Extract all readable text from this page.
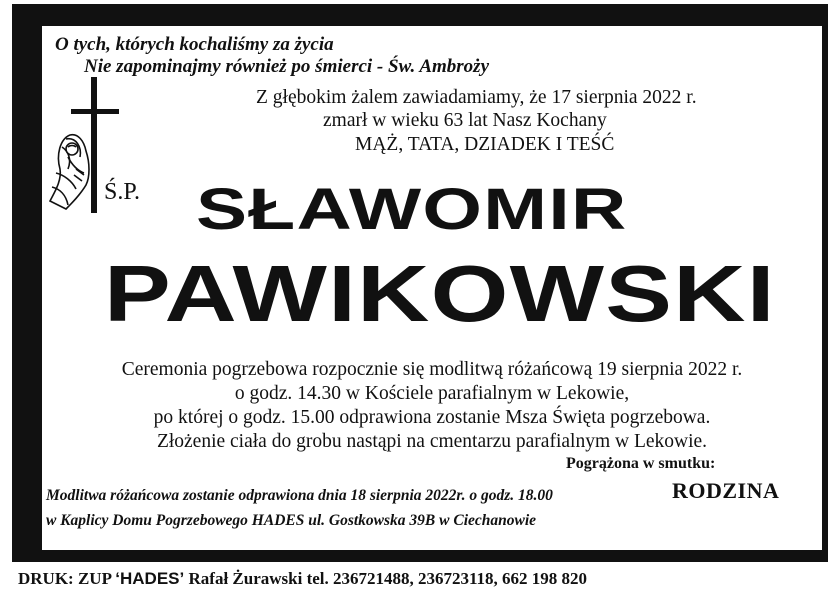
O tych, których kochaliśmy za życia
Nie zapominajmy również po śmierci - Św. Ambroży
Z głębokim żalem zawiadamiamy, że 17 sierpnia 2022 r.
zmarł w wieku 63 lat Nasz Kochany
MĄŻ, TATA, DZIADEK I TEŚĆ
Ś.P. SŁAWOMIR
PAWIKOWSKI
Ceremonia pogrzebowa rozpocznie się modlitwą różańcową 19 sierpnia 2022 r.
o godz. 14.30 w Kościele parafialnym w Lekowie,
po której o godz. 15.00 odprawiona zostanie Msza Święta pogrzebowa.
Złożenie ciała do grobu nastąpi na cmentarzu parafialnym w Lekowie.
Pogrążona w smutku:
RODZINA
Modlitwa różańcowa zostanie odprawiona dnia 18 sierpnia 2022r. o godz. 18.00
w Kaplicy Domu Pogrzebowego HADES ul. Gostkowska 39B w Ciechanowie
DRUK: ZUP ‘HADES’ Rafał Żurawski tel. 236721488, 236723118, 662 198 820
